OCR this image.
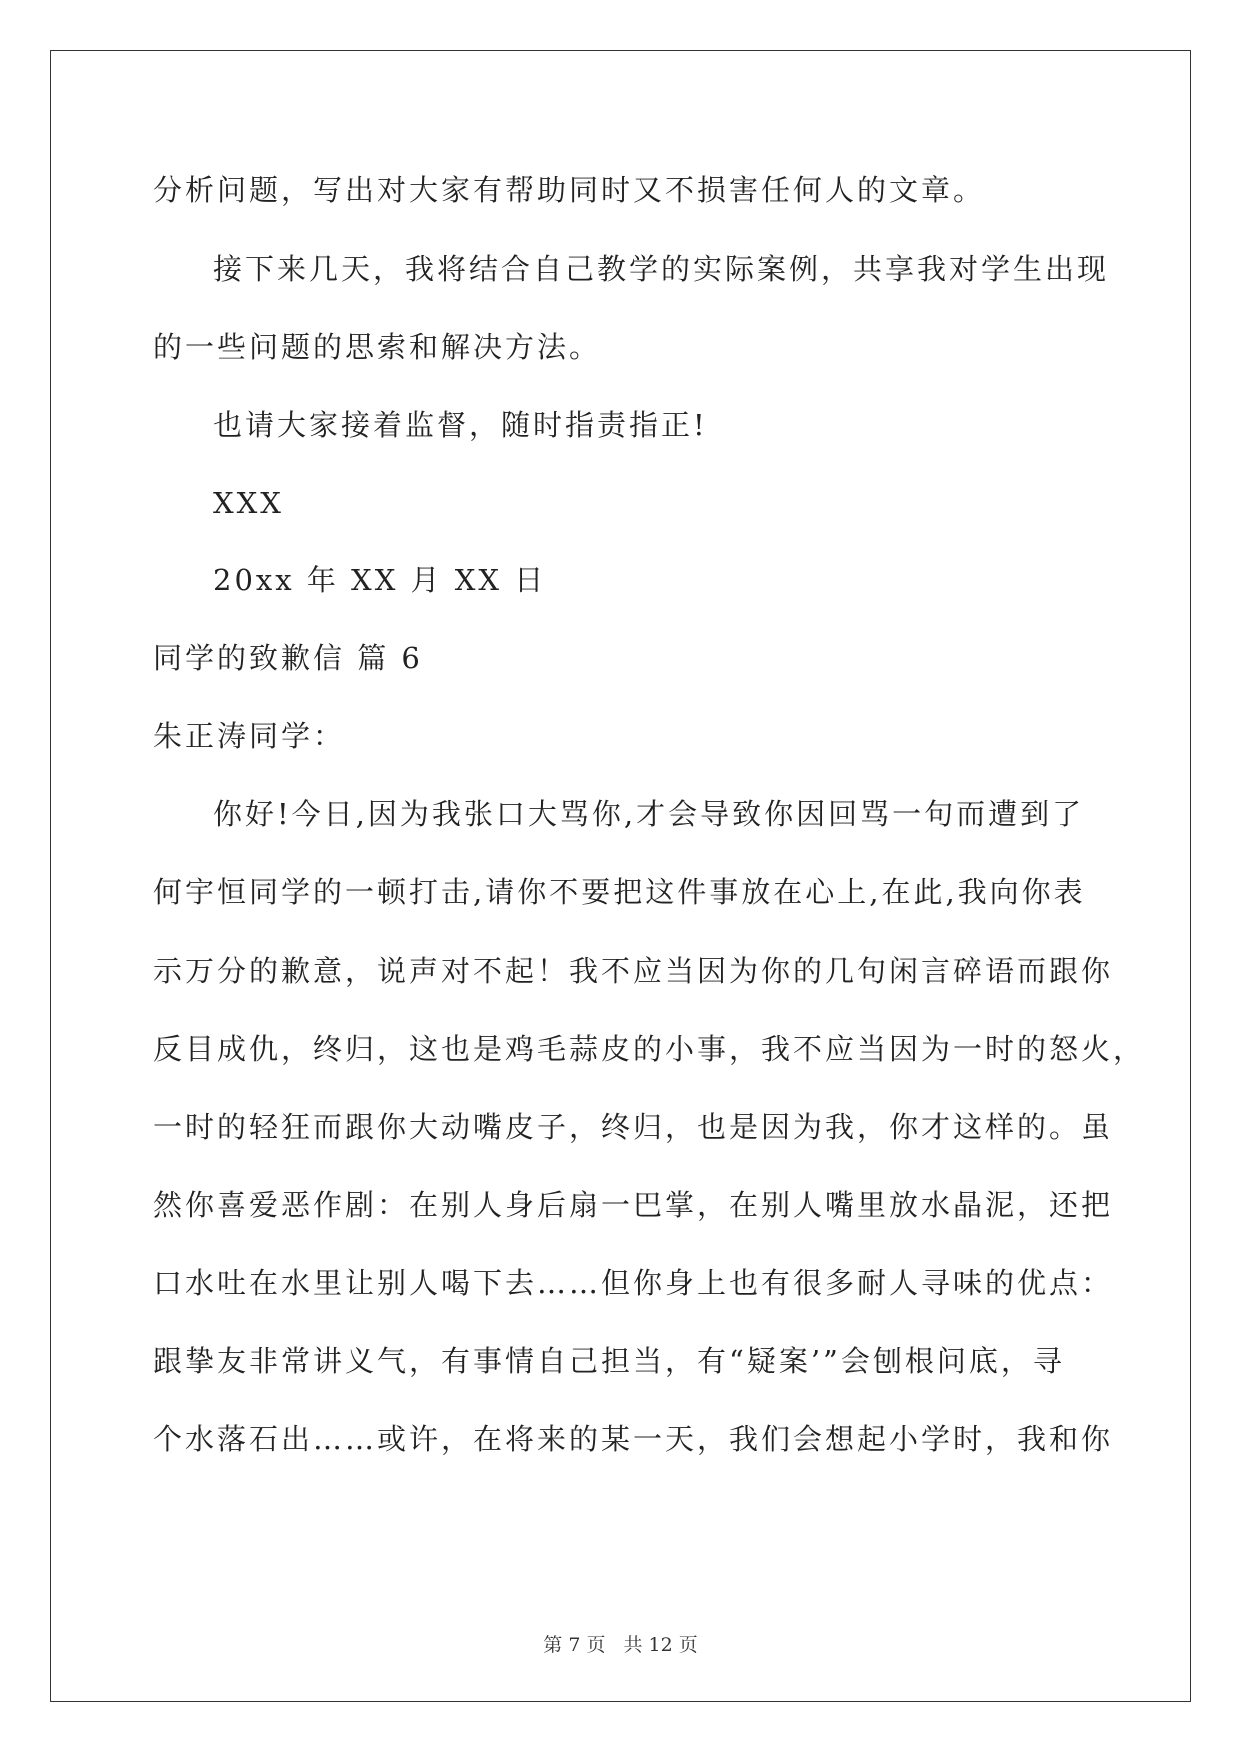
分析问题，写出对大家有帮助同时又不损害任何人的文章。
接下来几天，我将结合自己教学的实际案例，共享我对学生出现
的一些问题的思索和解决方法。
也请大家接着监督，随时指责指正!
XXX
20xx 年 XX 月 XX 日
同学的致歉信 篇 6
朱正涛同学：
你好!今日,因为我张口大骂你,才会导致你因回骂一句而遭到了
何宇恒同学的一顿打击,请你不要把这件事放在心上,在此,我向你表
示万分的歉意，说声对不起！我不应当因为你的几句闲言碎语而跟你
反目成仇，终归，这也是鸡毛蒜皮的小事，我不应当因为一时的怒火，
一时的轻狂而跟你大动嘴皮子，终归，也是因为我，你才这样的。虽
然你喜爱恶作剧：在别人身后扇一巴掌，在别人嘴里放水晶泥，还把
口水吐在水里让别人喝下去……但你身上也有很多耐人寻味的优点：
跟挚友非常讲义气，有事情自己担当，有“疑案’”会刨根问底，寻
个水落石出……或许，在将来的某一天，我们会想起小学时，我和你
第 7 页 共 12 页
